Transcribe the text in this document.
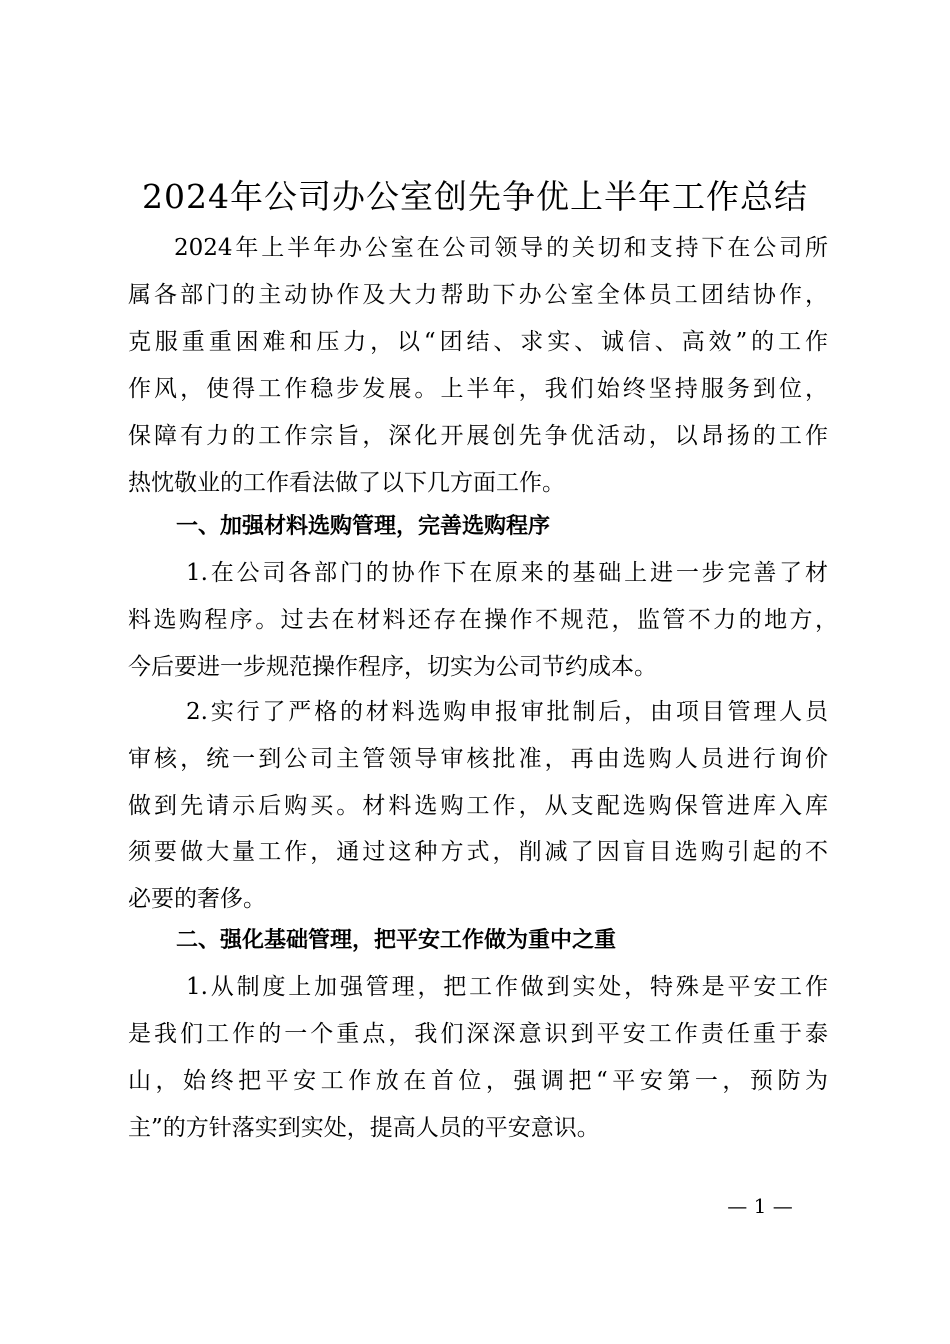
2024年公司办公室创先争优上半年工作总结
2024年上半年办公室在公司领导的关切和支持下在公司所
属各部门的主动协作及大力帮助下办公室全体员工团结协作，
克服重重困难和压力，以“团结、求实、诚信、高效”的工作
作风，使得工作稳步发展。上半年，我们始终坚持服务到位，
保障有力的工作宗旨，深化开展创先争优活动，以昂扬的工作
热忱敬业的工作看法做了以下几方面工作。
一、加强材料选购管理，完善选购程序
1.在公司各部门的协作下在原来的基础上进一步完善了材
料选购程序。过去在材料还存在操作不规范，监管不力的地方，
今后要进一步规范操作程序，切实为公司节约成本。
2.实行了严格的材料选购申报审批制后，由项目管理人员
审核，统一到公司主管领导审核批准，再由选购人员进行询价
做到先请示后购买。材料选购工作，从支配选购保管进库入库
须要做大量工作，通过这种方式，削减了因盲目选购引起的不
必要的奢侈。
二、强化基础管理，把平安工作做为重中之重
1.从制度上加强管理，把工作做到实处，特殊是平安工作
是我们工作的一个重点，我们深深意识到平安工作责任重于泰
山，始终把平安工作放在首位，强调把“平安第一，预防为
主”的方针落实到实处，提高人员的平安意识。
— 1 —
